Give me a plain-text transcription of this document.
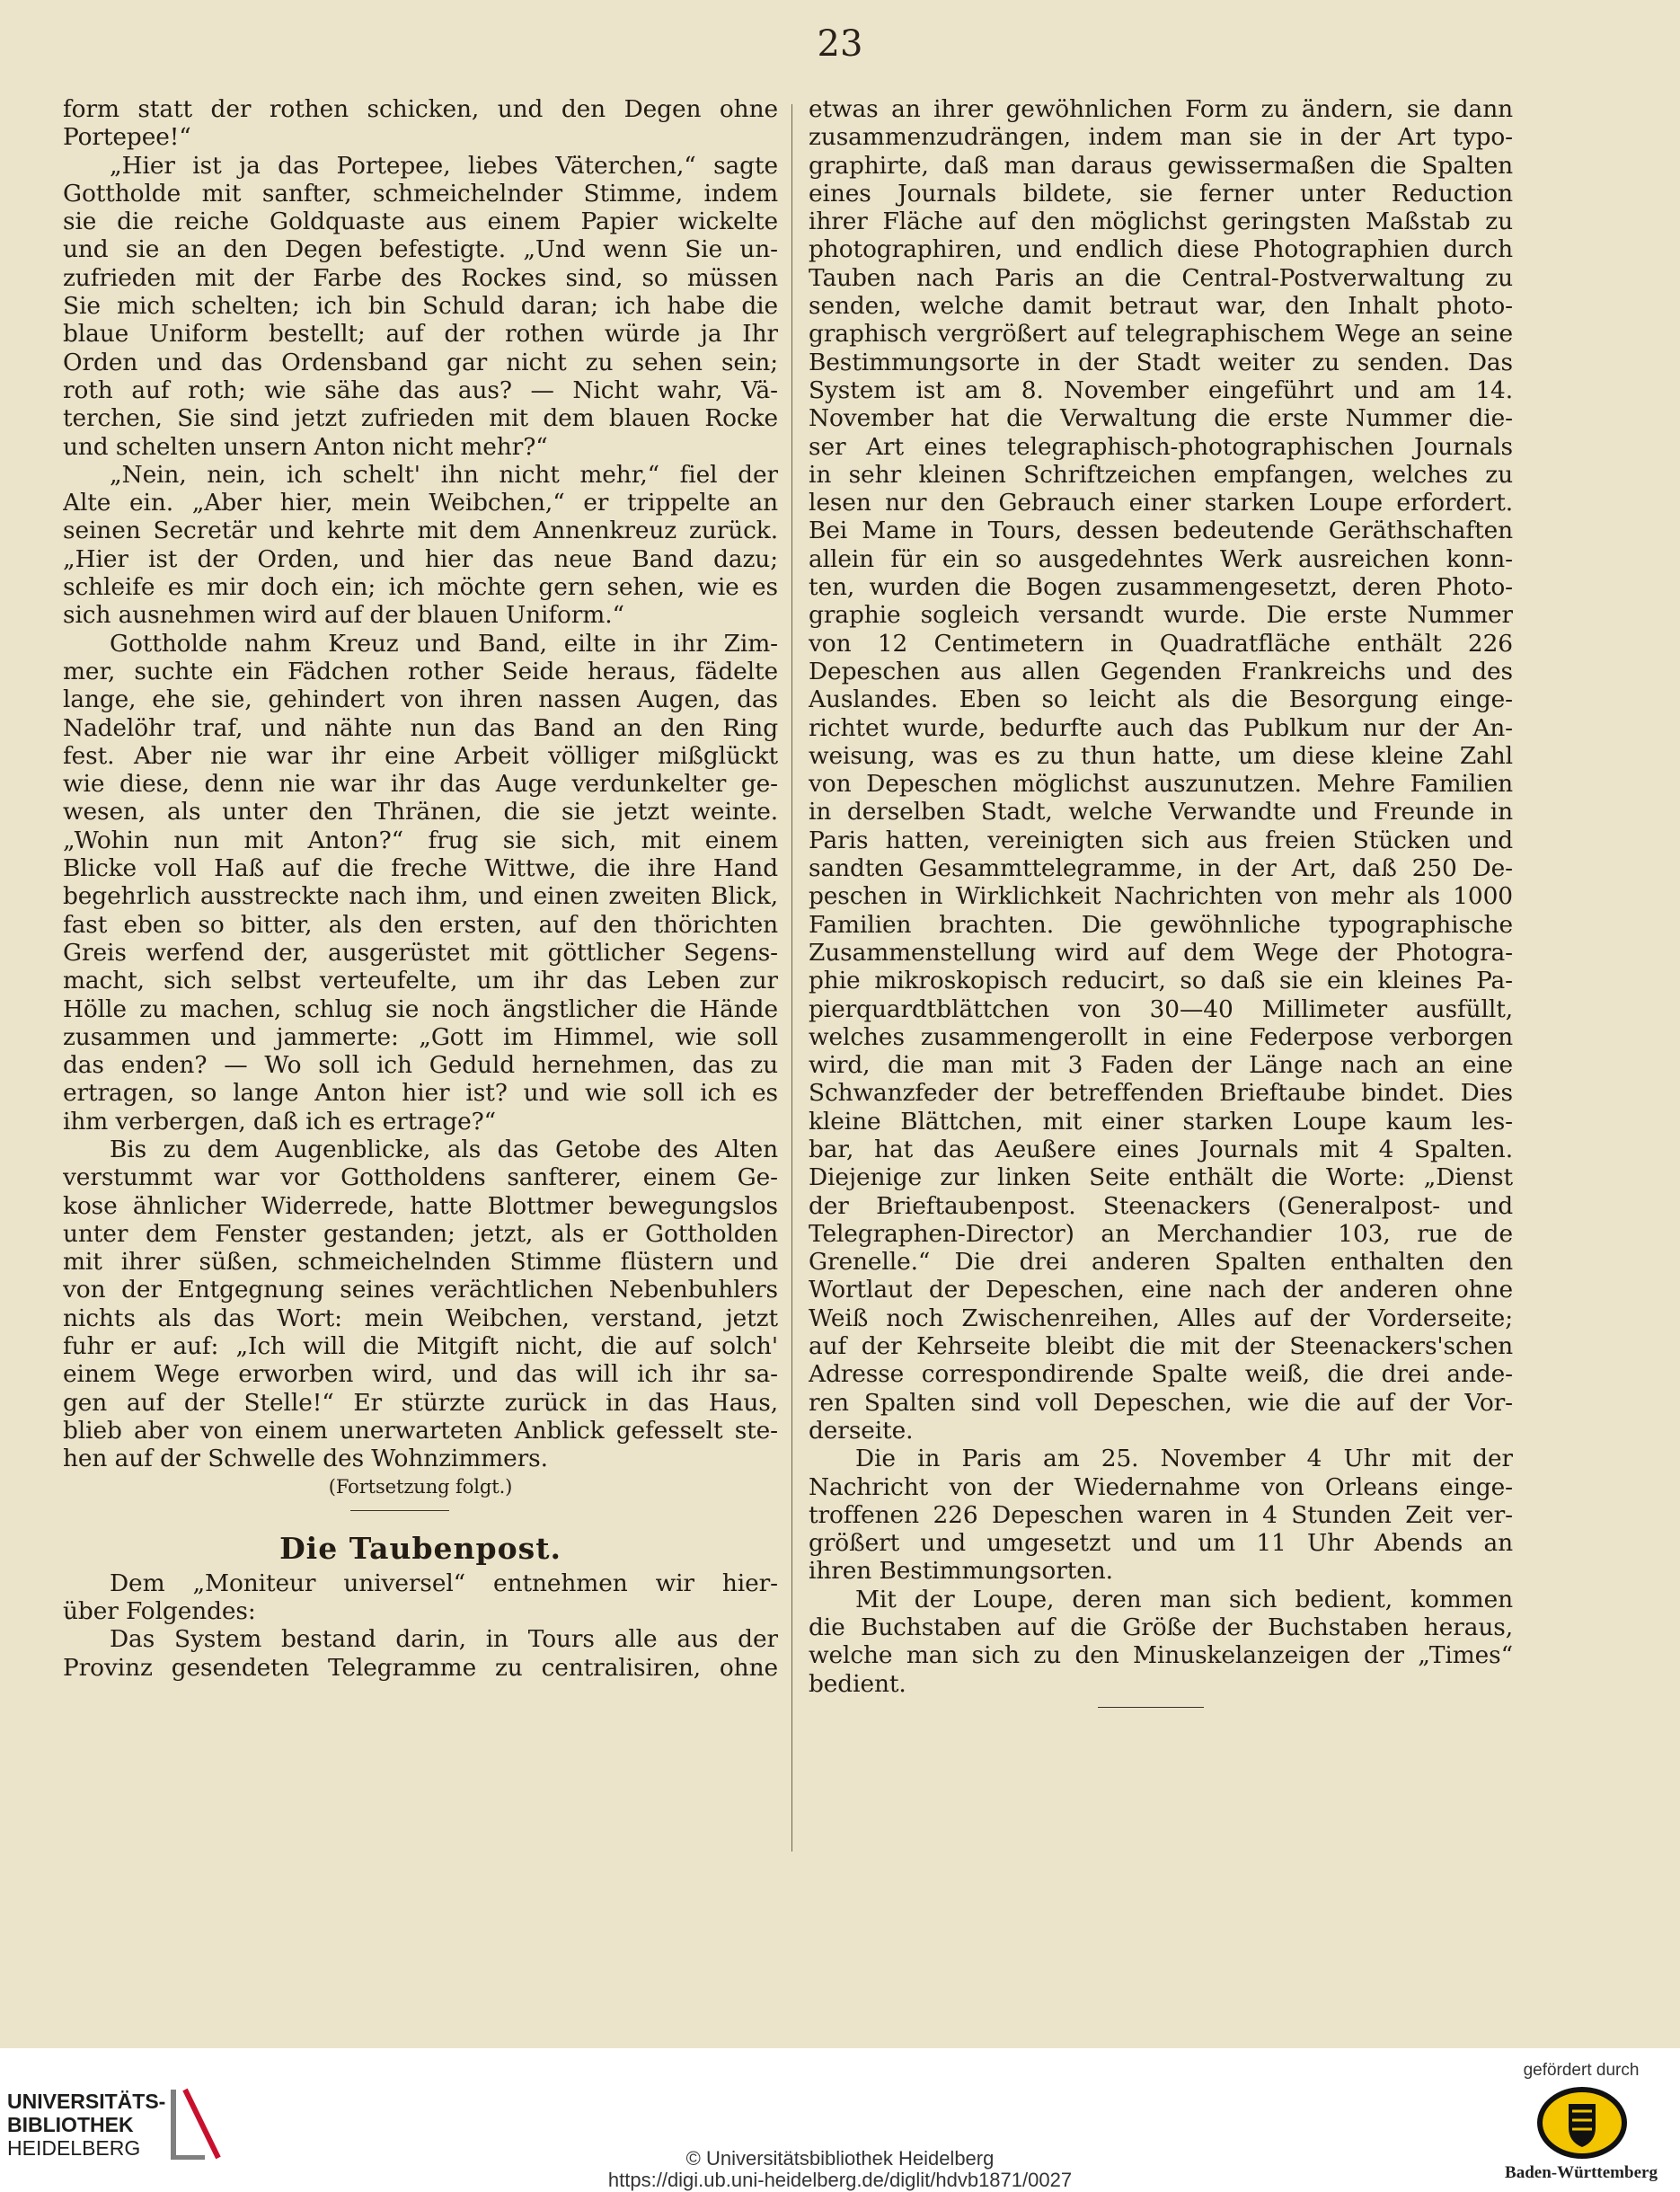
23
form statt der rothen schicken, und den Degen ohne
Portepee!“
„Hier ist ja das Portepee, liebes Väterchen,“ sagte
Gottholde mit sanfter, schmeichelnder Stimme, indem
sie die reiche Goldquaste aus einem Papier wickelte
und sie an den Degen befestigte. „Und wenn Sie un-
zufrieden mit der Farbe des Rockes sind, so müssen
Sie mich schelten; ich bin Schuld daran; ich habe die
blaue Uniform bestellt; auf der rothen würde ja Ihr
Orden und das Ordensband gar nicht zu sehen sein;
roth auf roth; wie sähe das aus? — Nicht wahr, Vä-
terchen, Sie sind jetzt zufrieden mit dem blauen Rocke
und schelten unsern Anton nicht mehr?“
„Nein, nein, ich schelt' ihn nicht mehr,“ fiel der
Alte ein. „Aber hier, mein Weibchen,“ er trippelte an
seinen Secretär und kehrte mit dem Annenkreuz zurück.
„Hier ist der Orden, und hier das neue Band dazu;
schleife es mir doch ein; ich möchte gern sehen, wie es
sich ausnehmen wird auf der blauen Uniform.“
Gottholde nahm Kreuz und Band, eilte in ihr Zim-
mer, suchte ein Fädchen rother Seide heraus, fädelte
lange, ehe sie, gehindert von ihren nassen Augen, das
Nadelöhr traf, und nähte nun das Band an den Ring
fest. Aber nie war ihr eine Arbeit völliger mißglückt
wie diese, denn nie war ihr das Auge verdunkelter ge-
wesen, als unter den Thränen, die sie jetzt weinte.
„Wohin nun mit Anton?“ frug sie sich, mit einem
Blicke voll Haß auf die freche Wittwe, die ihre Hand
begehrlich ausstreckte nach ihm, und einen zweiten Blick,
fast eben so bitter, als den ersten, auf den thörichten
Greis werfend der, ausgerüstet mit göttlicher Segens-
macht, sich selbst verteufelte, um ihr das Leben zur
Hölle zu machen, schlug sie noch ängstlicher die Hände
zusammen und jammerte: „Gott im Himmel, wie soll
das enden? — Wo soll ich Geduld hernehmen, das zu
ertragen, so lange Anton hier ist? und wie soll ich es
ihm verbergen, daß ich es ertrage?“
Bis zu dem Augenblicke, als das Getobe des Alten
verstummt war vor Gottholdens sanfterer, einem Ge-
kose ähnlicher Widerrede, hatte Blottmer bewegungslos
unter dem Fenster gestanden; jetzt, als er Gottholden
mit ihrer süßen, schmeichelnden Stimme flüstern und
von der Entgegnung seines verächtlichen Nebenbuhlers
nichts als das Wort: mein Weibchen, verstand, jetzt
fuhr er auf: „Ich will die Mitgift nicht, die auf solch'
einem Wege erworben wird, und das will ich ihr sa-
gen auf der Stelle!“ Er stürzte zurück in das Haus,
blieb aber von einem unerwarteten Anblick gefesselt ste-
hen auf der Schwelle des Wohnzimmers.
(Fortsetzung folgt.)
Die Taubenpost.
Dem „Moniteur universel“ entnehmen wir hier-
über Folgendes:
Das System bestand darin, in Tours alle aus der
Provinz gesendeten Telegramme zu centralisiren, ohne
etwas an ihrer gewöhnlichen Form zu ändern, sie dann
zusammenzudrängen, indem man sie in der Art typo-
graphirte, daß man daraus gewissermaßen die Spalten
eines Journals bildete, sie ferner unter Reduction
ihrer Fläche auf den möglichst geringsten Maßstab zu
photographiren, und endlich diese Photographien durch
Tauben nach Paris an die Central-Postverwaltung zu
senden, welche damit betraut war, den Inhalt photo-
graphisch vergrößert auf telegraphischem Wege an seine
Bestimmungsorte in der Stadt weiter zu senden. Das
System ist am 8. November eingeführt und am 14.
November hat die Verwaltung die erste Nummer die-
ser Art eines telegraphisch-photographischen Journals
in sehr kleinen Schriftzeichen empfangen, welches zu
lesen nur den Gebrauch einer starken Loupe erfordert.
Bei Mame in Tours, dessen bedeutende Geräthschaften
allein für ein so ausgedehntes Werk ausreichen konn-
ten, wurden die Bogen zusammengesetzt, deren Photo-
graphie sogleich versandt wurde. Die erste Nummer
von 12 Centimetern in Quadratfläche enthält 226
Depeschen aus allen Gegenden Frankreichs und des
Auslandes. Eben so leicht als die Besorgung einge-
richtet wurde, bedurfte auch das Publkum nur der An-
weisung, was es zu thun hatte, um diese kleine Zahl
von Depeschen möglichst auszunutzen. Mehre Familien
in derselben Stadt, welche Verwandte und Freunde in
Paris hatten, vereinigten sich aus freien Stücken und
sandten Gesammttelegramme, in der Art, daß 250 De-
peschen in Wirklichkeit Nachrichten von mehr als 1000
Familien brachten. Die gewöhnliche typographische
Zusammenstellung wird auf dem Wege der Photogra-
phie mikroskopisch reducirt, so daß sie ein kleines Pa-
pierquardtblättchen von 30—40 Millimeter ausfüllt,
welches zusammengerollt in eine Federpose verborgen
wird, die man mit 3 Faden der Länge nach an eine
Schwanzfeder der betreffenden Brieftaube bindet. Dies
kleine Blättchen, mit einer starken Loupe kaum les-
bar, hat das Aeußere eines Journals mit 4 Spalten.
Diejenige zur linken Seite enthält die Worte: „Dienst
der Brieftaubenpost. Steenackers (Generalpost- und
Telegraphen-Director) an Merchandier 103, rue de
Grenelle.“ Die drei anderen Spalten enthalten den
Wortlaut der Depeschen, eine nach der anderen ohne
Weiß noch Zwischenreihen, Alles auf der Vorderseite;
auf der Kehrseite bleibt die mit der Steenackers'schen
Adresse correspondirende Spalte weiß, die drei ande-
ren Spalten sind voll Depeschen, wie die auf der Vor-
derseite.
Die in Paris am 25. November 4 Uhr mit der
Nachricht von der Wiedernahme von Orleans einge-
troffenen 226 Depeschen waren in 4 Stunden Zeit ver-
größert und umgesetzt und um 11 Uhr Abends an
ihren Bestimmungsorten.
Mit der Loupe, deren man sich bedient, kommen
die Buchstaben auf die Größe der Buchstaben heraus,
welche man sich zu den Minuskelanzeigen der „Times“
bedient.
UNIVERSITÄTS-
BIBLIOTHEK
HEIDELBERG	© Universitätsbibliothek Heidelberg
https://digi.ub.uni-heidelberg.de/diglit/hdvb1871/0027
gefördert durch
Baden-Württemberg
